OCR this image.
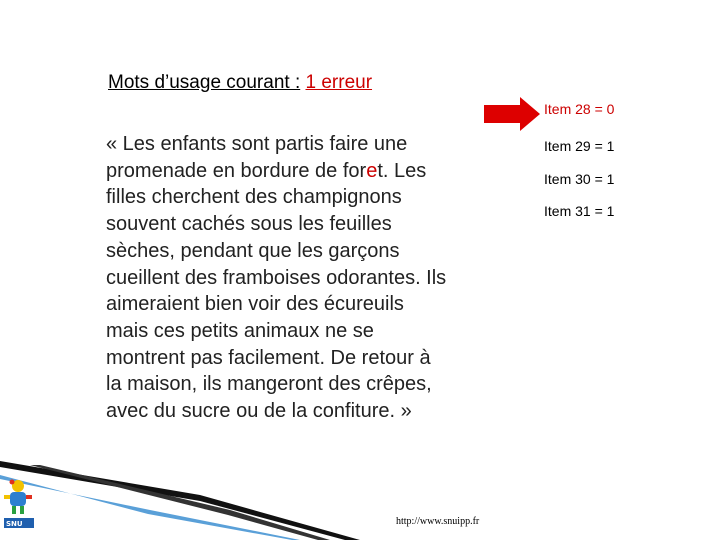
Mots d’usage courant : 1 erreur
Item 28 = 0
Item 29 = 1
Item 30 = 1
Item 31 = 1

« Les enfants sont partis faire une
promenade en bordure de foret. Les
filles cherchent des champignons
souvent cachés sous les feuilles
sèches, pendant que les garçons
cueillent des framboises odorantes. Ils
aimeraient bien voir des écureuils
mais ces petits animaux ne se
montrent pas facilement. De retour à
la maison, ils mangeront des crêpes,
avec du sucre ou de la confiture. »

SNU	http://www.snuipp.fr
